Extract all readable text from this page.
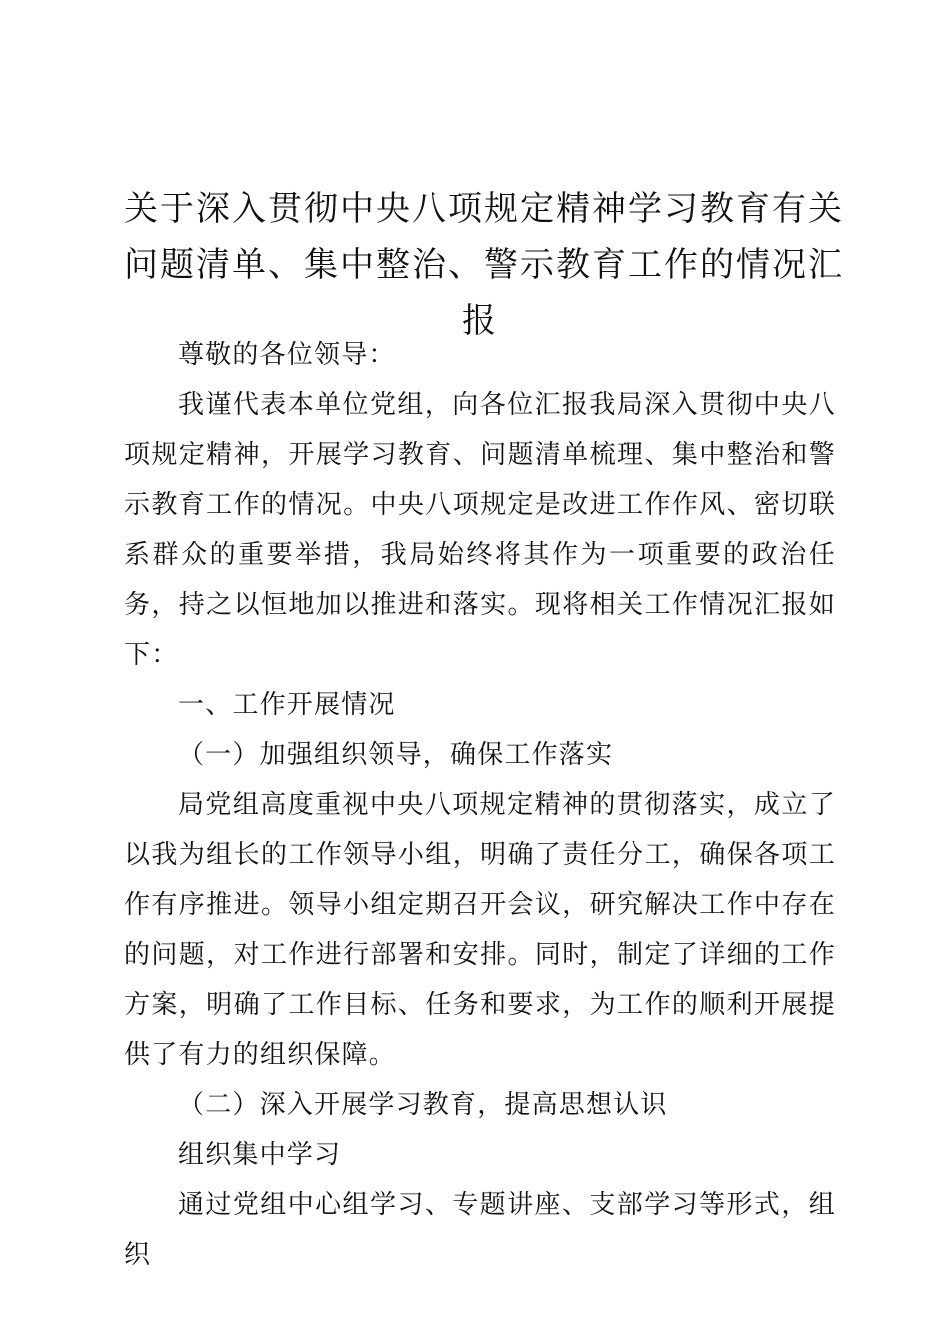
关于深入贯彻中央八项规定精神学习教育有关
问题清单、集中整治、警示教育工作的情况汇
报

尊敬的各位领导：

我谨代表本单位党组，向各位汇报我局深入贯彻中央八项规定精神，开展学习教育、问题清单梳理、集中整治和警示教育工作的情况。中央八项规定是改进工作作风、密切联系群众的重要举措，我局始终将其作为一项重要的政治任务，持之以恒地加以推进和落实。现将相关工作情况汇报如下：

一、工作开展情况

（一）加强组织领导，确保工作落实

局党组高度重视中央八项规定精神的贯彻落实，成立了以我为组长的工作领导小组，明确了责任分工，确保各项工作有序推进。领导小组定期召开会议，研究解决工作中存在的问题，对工作进行部署和安排。同时，制定了详细的工作方案，明确了工作目标、任务和要求，为工作的顺利开展提供了有力的组织保障。

（二）深入开展学习教育，提高思想认识

组织集中学习

通过党组中心组学习、专题讲座、支部学习等形式，组织
